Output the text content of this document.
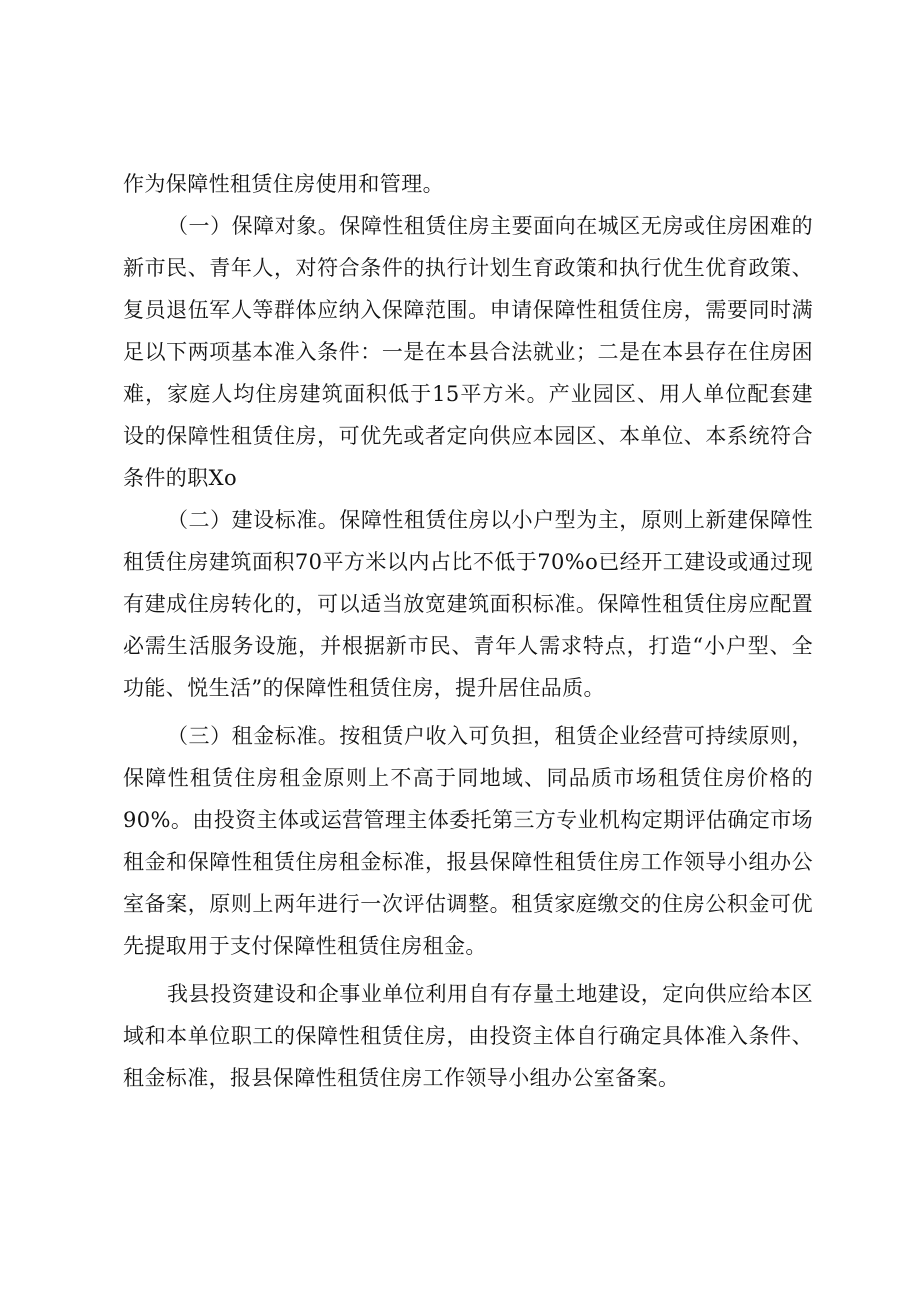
作为保障性租赁住房使用和管理。

（一）保障对象。保障性租赁住房主要面向在城区无房或住房困难的新市民、青年人，对符合条件的执行计划生育政策和执行优生优育政策、复员退伍军人等群体应纳入保障范围。申请保障性租赁住房，需要同时满足以下两项基本准入条件：一是在本县合法就业；二是在本县存在住房困难，家庭人均住房建筑面积低于15平方米。产业园区、用人单位配套建设的保障性租赁住房，可优先或者定向供应本园区、本单位、本系统符合条件的职Xo

（二）建设标准。保障性租赁住房以小户型为主，原则上新建保障性租赁住房建筑面积70平方米以内占比不低于70%o已经开工建设或通过现有建成住房转化的，可以适当放宽建筑面积标准。保障性租赁住房应配置必需生活服务设施，并根据新市民、青年人需求特点，打造“小户型、全功能、悦生活”的保障性租赁住房，提升居住品质。

（三）租金标准。按租赁户收入可负担，租赁企业经营可持续原则，保障性租赁住房租金原则上不高于同地域、同品质市场租赁住房价格的90%。由投资主体或运营管理主体委托第三方专业机构定期评估确定市场租金和保障性租赁住房租金标准，报县保障性租赁住房工作领导小组办公室备案，原则上两年进行一次评估调整。租赁家庭缴交的住房公积金可优先提取用于支付保障性租赁住房租金。

我县投资建设和企事业单位利用自有存量土地建设，定向供应给本区域和本单位职工的保障性租赁住房，由投资主体自行确定具体准入条件、租金标准，报县保障性租赁住房工作领导小组办公室备案。
